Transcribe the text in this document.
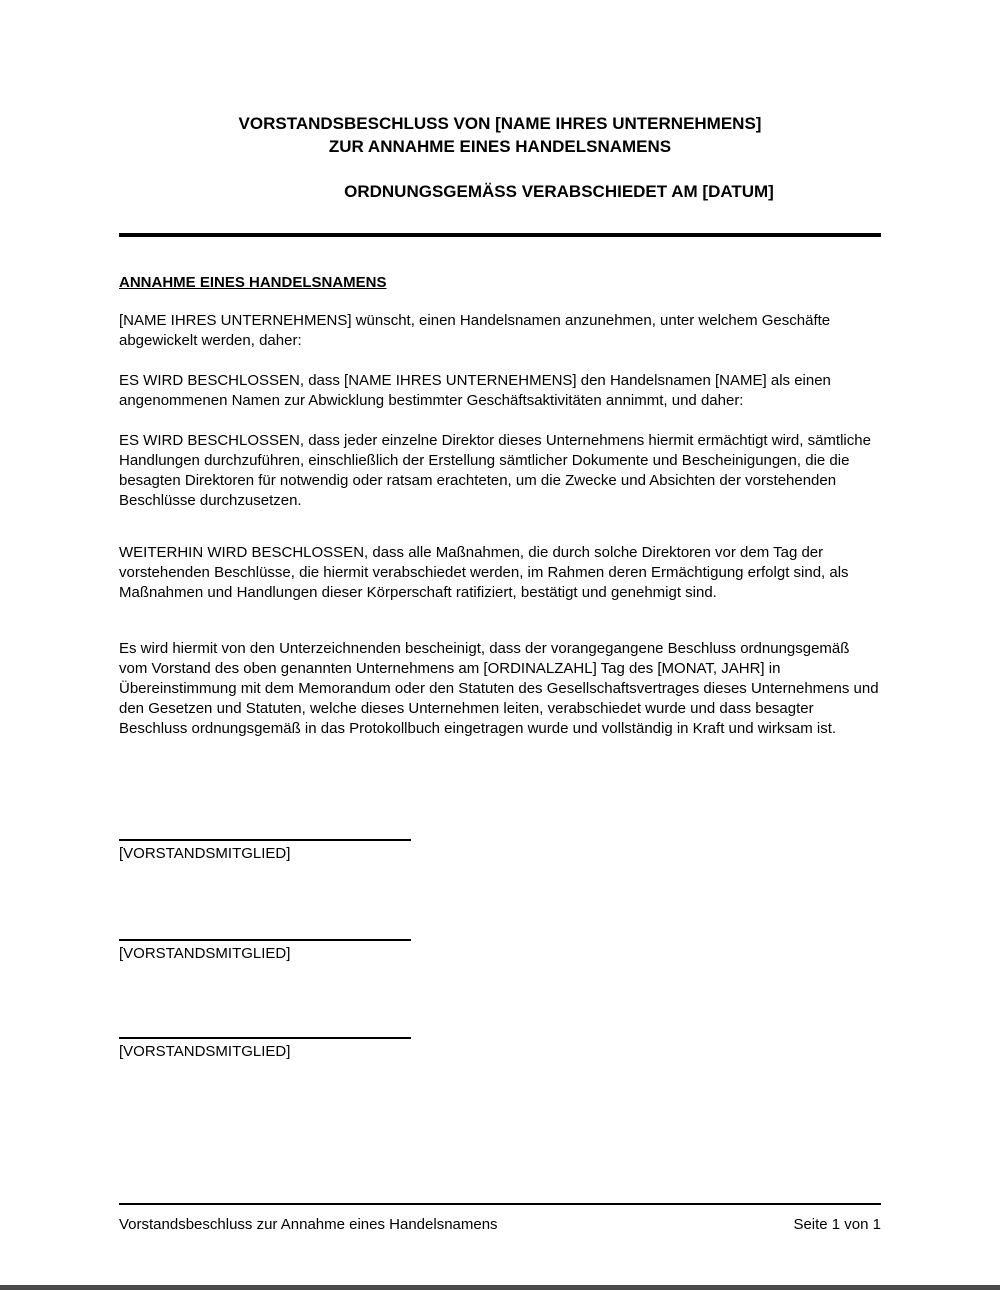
VORSTANDSBESCHLUSS VON [NAME IHRES UNTERNEHMENS]
ZUR ANNAHME EINES HANDELSNAMENS
ORDNUNGSGEMÄSS VERABSCHIEDET AM [DATUM]
ANNAHME EINES HANDELSNAMENS

[NAME IHRES UNTERNEHMENS] wünscht, einen Handelsnamen anzunehmen, unter welchem Geschäfte abgewickelt werden, daher:

ES WIRD BESCHLOSSEN, dass [NAME IHRES UNTERNEHMENS] den Handelsnamen [NAME] als einen angenommenen Namen zur Abwicklung bestimmter Geschäftsaktivitäten annimmt, und daher:

ES WIRD BESCHLOSSEN, dass jeder einzelne Direktor dieses Unternehmens hiermit ermächtigt wird, sämtliche Handlungen durchzuführen, einschließlich der Erstellung sämtlicher Dokumente und Bescheinigungen, die die besagten Direktoren für notwendig oder ratsam erachteten, um die Zwecke und Absichten der vorstehenden Beschlüsse durchzusetzen.

WEITERHIN WIRD BESCHLOSSEN, dass alle Maßnahmen, die durch solche Direktoren vor dem Tag der vorstehenden Beschlüsse, die hiermit verabschiedet werden, im Rahmen deren Ermächtigung erfolgt sind, als Maßnahmen und Handlungen dieser Körperschaft ratifiziert, bestätigt und genehmigt sind.

Es wird hiermit von den Unterzeichnenden bescheinigt, dass der vorangegangene Beschluss ordnungsgemäß vom Vorstand des oben genannten Unternehmens am [ORDINALZAHL] Tag des [MONAT, JAHR] in Übereinstimmung mit dem Memorandum oder den Statuten des Gesellschaftsvertrages dieses Unternehmens und den Gesetzen und Statuten, welche dieses Unternehmen leiten, verabschiedet wurde und dass besagter Beschluss ordnungsgemäß in das Protokollbuch eingetragen wurde und vollständig in Kraft und wirksam ist.

[VORSTANDSMITGLIED]
[VORSTANDSMITGLIED]
[VORSTANDSMITGLIED]
Vorstandsbeschluss zur Annahme eines Handelsnamens	Seite 1 von 1
